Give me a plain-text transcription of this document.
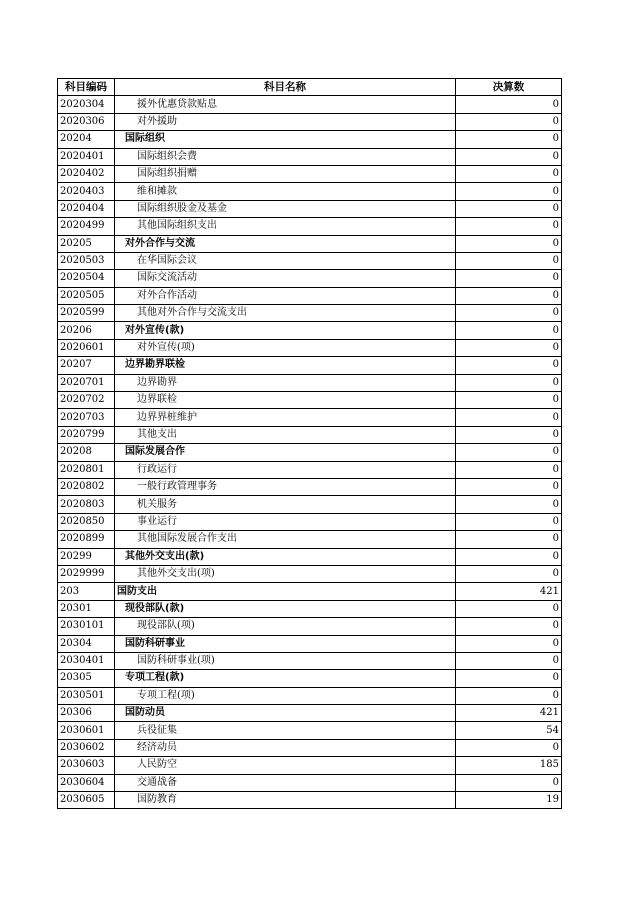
科目编码	科目名称	决算数
2020304	援外优惠贷款贴息	0
2020306	对外援助	0
20204	国际组织	0
2020401	国际组织会费	0
2020402	国际组织捐赠	0
2020403	维和摊款	0
2020404	国际组织股金及基金	0
2020499	其他国际组织支出	0
20205	对外合作与交流	0
2020503	在华国际会议	0
2020504	国际交流活动	0
2020505	对外合作活动	0
2020599	其他对外合作与交流支出	0
20206	对外宣传(款)	0
2020601	对外宣传(项)	0
20207	边界勘界联检	0
2020701	边界勘界	0
2020702	边界联检	0
2020703	边界界桩维护	0
2020799	其他支出	0
20208	国际发展合作	0
2020801	行政运行	0
2020802	一般行政管理事务	0
2020803	机关服务	0
2020850	事业运行	0
2020899	其他国际发展合作支出	0
20299	其他外交支出(款)	0
2029999	其他外交支出(项)	0
203	国防支出	421
20301	现役部队(款)	0
2030101	现役部队(项)	0
20304	国防科研事业	0
2030401	国防科研事业(项)	0
20305	专项工程(款)	0
2030501	专项工程(项)	0
20306	国防动员	421
2030601	兵役征集	54
2030602	经济动员	0
2030603	人民防空	185
2030604	交通战备	0
2030605	国防教育	19
